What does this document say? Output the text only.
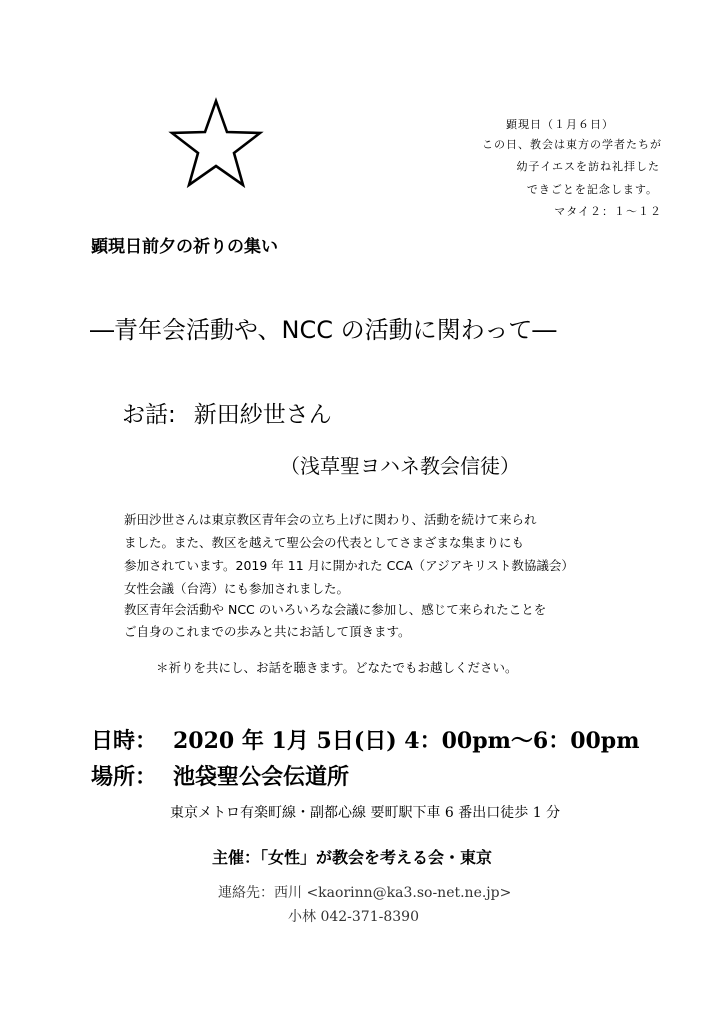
顕現日（１月６日）
この日、教会は東方の学者たちが
幼子イエスを訪ね礼拝した
できごとを記念します。
マタイ２：１～１２
顕現日前夕の祈りの集い
―青年会活動や、NCC の活動に関わって―
お話: 新田紗世さん
（浅草聖ヨハネ教会信徒）
新田沙世さんは東京教区青年会の立ち上げに関わり、活動を続けて来られ
ました。また、教区を越えて聖公会の代表としてさまざまな集まりにも
参加されています。2019 年 11 月に開かれた CCA（アジアキリスト教協議会）
女性会議（台湾）にも参加されました。
教区青年会活動や NCC のいろいろな会議に参加し、感じて来られたことを
ご自身のこれまでの歩みと共にお話して頂きます。
＊祈りを共にし、お話を聴きます。どなたでもお越しください。
日時： 2020 年 1月 5日(日) 4：00pm～6：00pm
場所： 池袋聖公会伝道所
東京メトロ有楽町線・副都心線 要町駅下車 6 番出口徒歩 1 分
主催：「女性」が教会を考える会・東京
連絡先：西川 <kaorinn@ka3.so-net.ne.jp>
小林 042-371-8390
